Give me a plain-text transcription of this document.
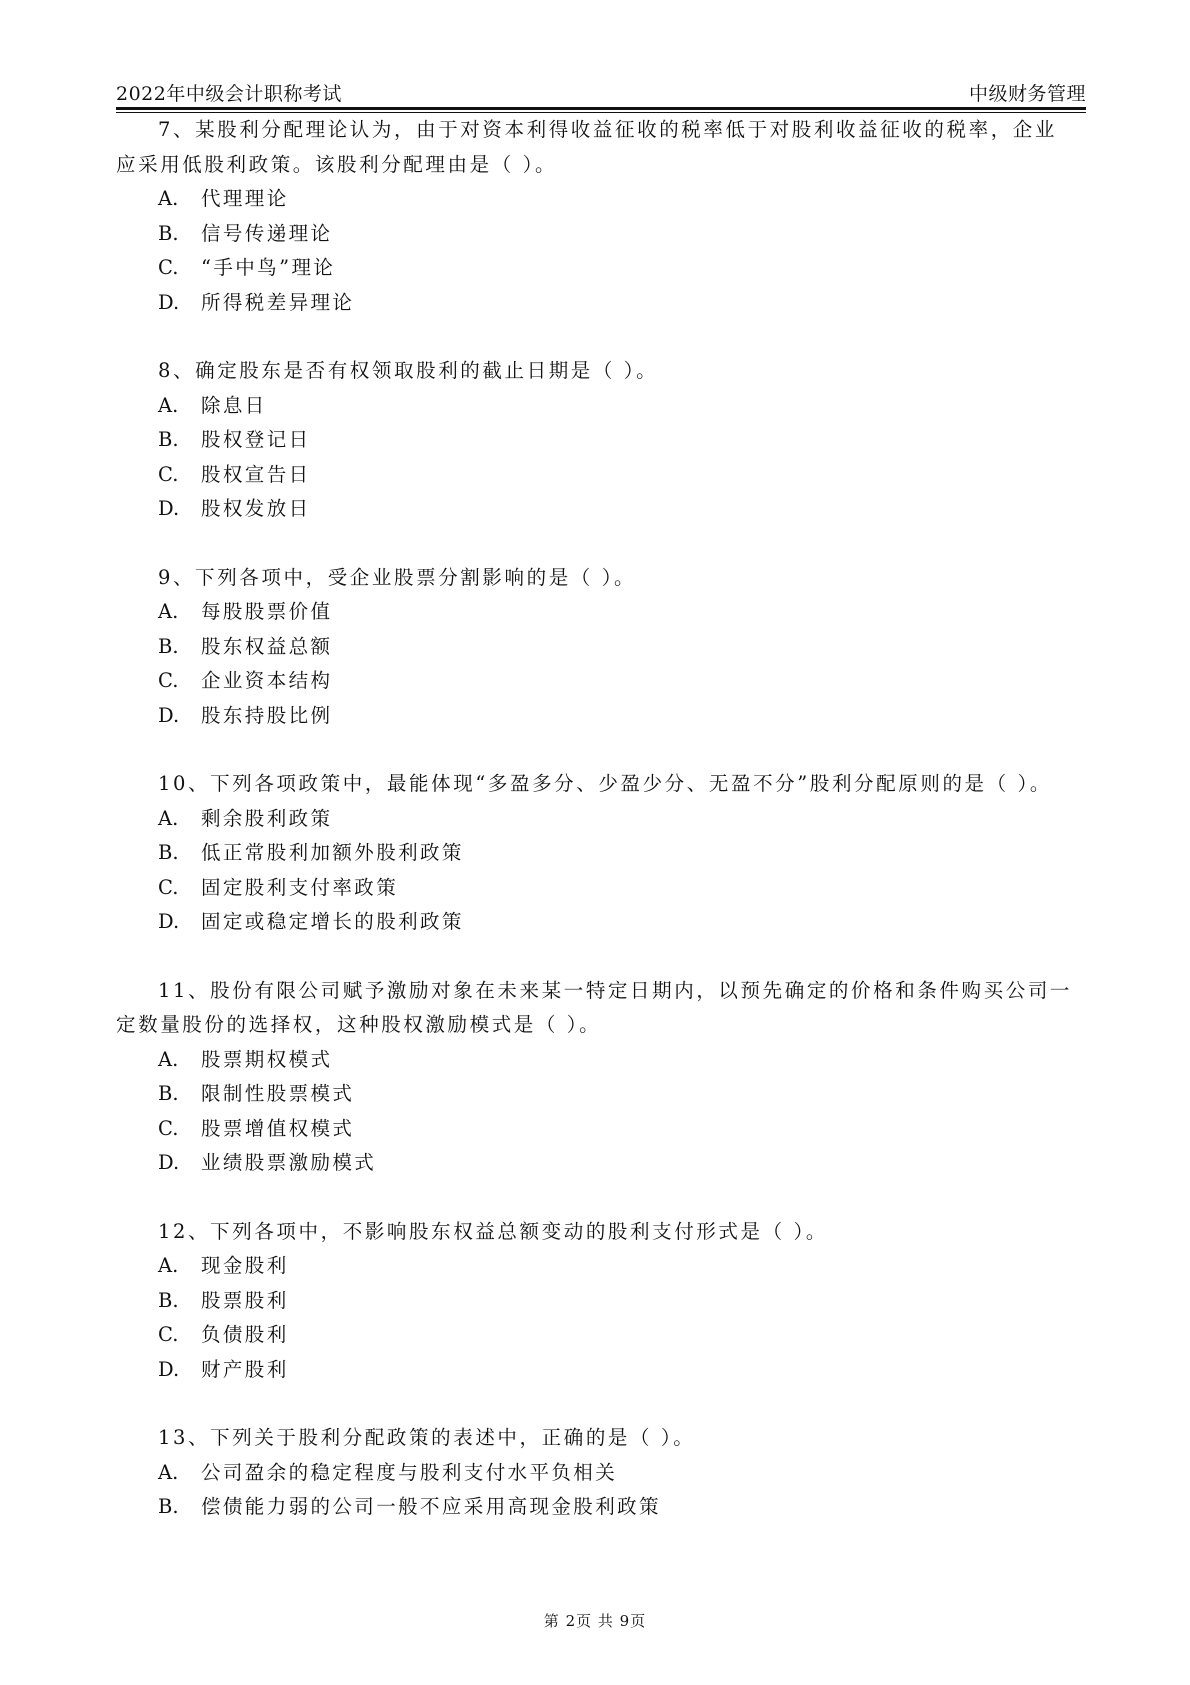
2022年中级会计职称考试	中级财务管理

7、某股利分配理论认为，由于对资本利得收益征收的税率低于对股利收益征收的税率，企业应采用低股利政策。该股利分配理由是（ ）。

A. 代理理论

B. 信号传递理论

C. “手中鸟”理论

D. 所得税差异理论

8、确定股东是否有权领取股利的截止日期是（ ）。

A. 除息日

B. 股权登记日

C. 股权宣告日

D. 股权发放日

9、下列各项中，受企业股票分割影响的是（ ）。

A. 每股股票价值

B. 股东权益总额

C. 企业资本结构

D. 股东持股比例

10、下列各项政策中，最能体现“多盈多分、少盈少分、无盈不分”股利分配原则的是（ ）。

A. 剩余股利政策

B. 低正常股利加额外股利政策

C. 固定股利支付率政策

D. 固定或稳定增长的股利政策

11、股份有限公司赋予激励对象在未来某一特定日期内，以预先确定的价格和条件购买公司一定数量股份的选择权，这种股权激励模式是（ ）。

A. 股票期权模式

B. 限制性股票模式

C. 股票增值权模式

D. 业绩股票激励模式

12、下列各项中，不影响股东权益总额变动的股利支付形式是（ ）。

A. 现金股利

B. 股票股利

C. 负债股利

D. 财产股利

13、下列关于股利分配政策的表述中，正确的是（ ）。

A. 公司盈余的稳定程度与股利支付水平负相关

B. 偿债能力弱的公司一般不应采用高现金股利政策

第 2页 共 9页
